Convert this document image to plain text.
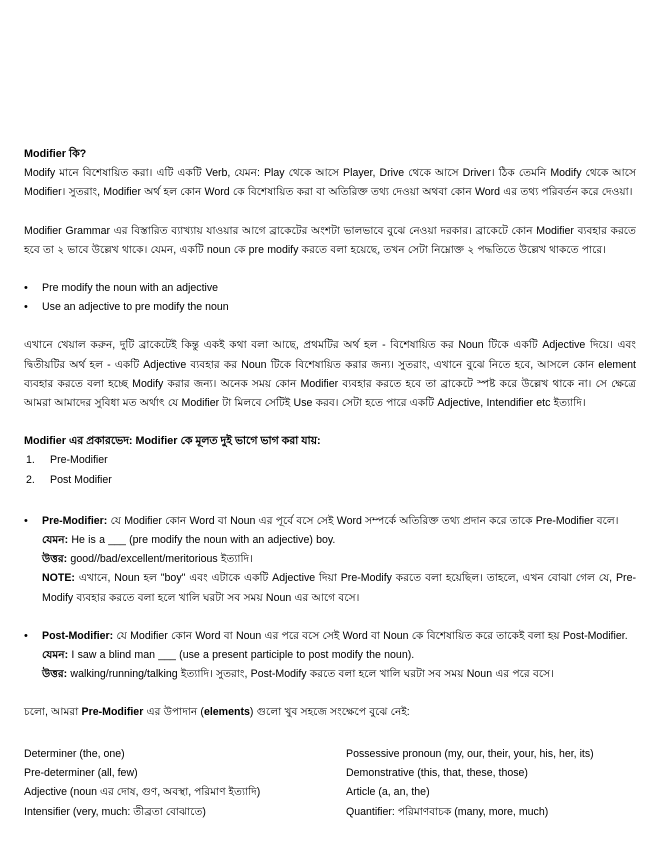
Modifier কি?
Modify মানে বিশেষায়িত করা। এটি একটি Verb, যেমন: Play থেকে আসে Player, Drive থেকে আসে Driver। ঠিক তেমনি Modify থেকে আসে Modifier। সুতরাং, Modifier অর্থ হল কোন Word কে বিশেষায়িত করা বা অতিরিক্ত তথ্য দেওয়া অথবা কোন Word এর তথ্য পরিবর্তন করে দেওয়া।
Modifier Grammar এর বিস্তারিত ব্যাখ্যায় যাওয়ার আগে ব্রাকেটের অংশটা ভালভাবে বুঝে নেওয়া দরকার। ব্রাকেটে কোন Modifier ব্যবহার করতে হবে তা ২ ভাবে উল্লেখ থাকে। যেমন, একটি noun কে pre modify করতে বলা হয়েছে, তখন সেটা নিম্নোক্ত ২ পদ্ধতিতে উল্লেখ থাকতে পারে।
• Pre modify the noun with an adjective
• Use an adjective to pre modify the noun
এখানে খেয়াল করুন, দুটি ব্রাকেটেই কিন্তু একই কথা বলা আছে, প্রথমটির অর্থ হল - বিশেষায়িত কর Noun টিকে একটি Adjective দিয়ে। এবং দ্বিতীয়টির অর্থ হল - একটি Adjective ব্যবহার কর Noun টিকে বিশেষায়িত করার জন্য। সুতরাং, এখানে বুঝে নিতে হবে, আসলে কোন element ব্যবহার করতে বলা হচ্ছে Modify করার জন্য। অনেক সময় কোন Modifier ব্যবহার করতে হবে তা ব্রাকেটে স্পষ্ট করে উল্লেখ থাকে না। সে ক্ষেত্রে আমরা আমাদের সুবিধা মত অর্থাৎ যে Modifier টা মিলবে সেটিই Use করব। সেটা হতে পারে একটি Adjective, Intendifier etc ইত্যাদি।
Modifier এর প্রকারভেদ: Modifier কে মূলত দুই ভাগে ভাগ করা যায়:
Pre-Modifier
Post Modifier
• Pre-Modifier: যে Modifier কোন Word বা Noun এর পূর্বে বসে সেই Word সম্পর্কে অতিরিক্ত তথ্য প্রদান করে তাকে Pre-Modifier বলে।
যেমন: He is a ___ (pre modify the noun with an adjective) boy.
উত্তর: good//bad/excellent/meritorious ইত্যাদি।
NOTE: এখানে, Noun হল "boy" এবং এটাকে একটি Adjective দিয়া Pre-Modify করতে বলা হয়েছিল। তাহলে, এখন বোঝা গেল যে, Pre-Modify ব্যবহার করতে বলা হলে খালি ঘরটা সব সময় Noun এর আগে বসে।
• Post-Modifier: যে Modifier কোন Word বা Noun এর পরে বসে সেই Word বা Noun কে বিশেষায়িত করে তাকেই বলা হয় Post-Modifier.
যেমন: I saw a blind man ___ (use a present participle to post modify the noun).
উত্তর: walking/running/talking ইত্যাদি। সুতরাং, Post-Modify করতে বলা হলে খালি ঘরটা সব সময় Noun এর পরে বসে।
চলো, আমরা Pre-Modifier এর উপাদান (elements) গুলো খুব সহজে সংক্ষেপে বুঝে নেই:
Determiner (the, one)
Pre-determiner (all, few)
Adjective (noun এর দোষ, গুণ, অবস্থা, পরিমাণ ইত্যাদি)
Intensifier (very, much: তীব্রতা বোঝাতে)
Possessive pronoun (my, our, their, your, his, her, its)
Demonstrative (this, that, these, those)
Article (a, an, the)
Quantifier: পরিমাণবাচক (many, more, much)
